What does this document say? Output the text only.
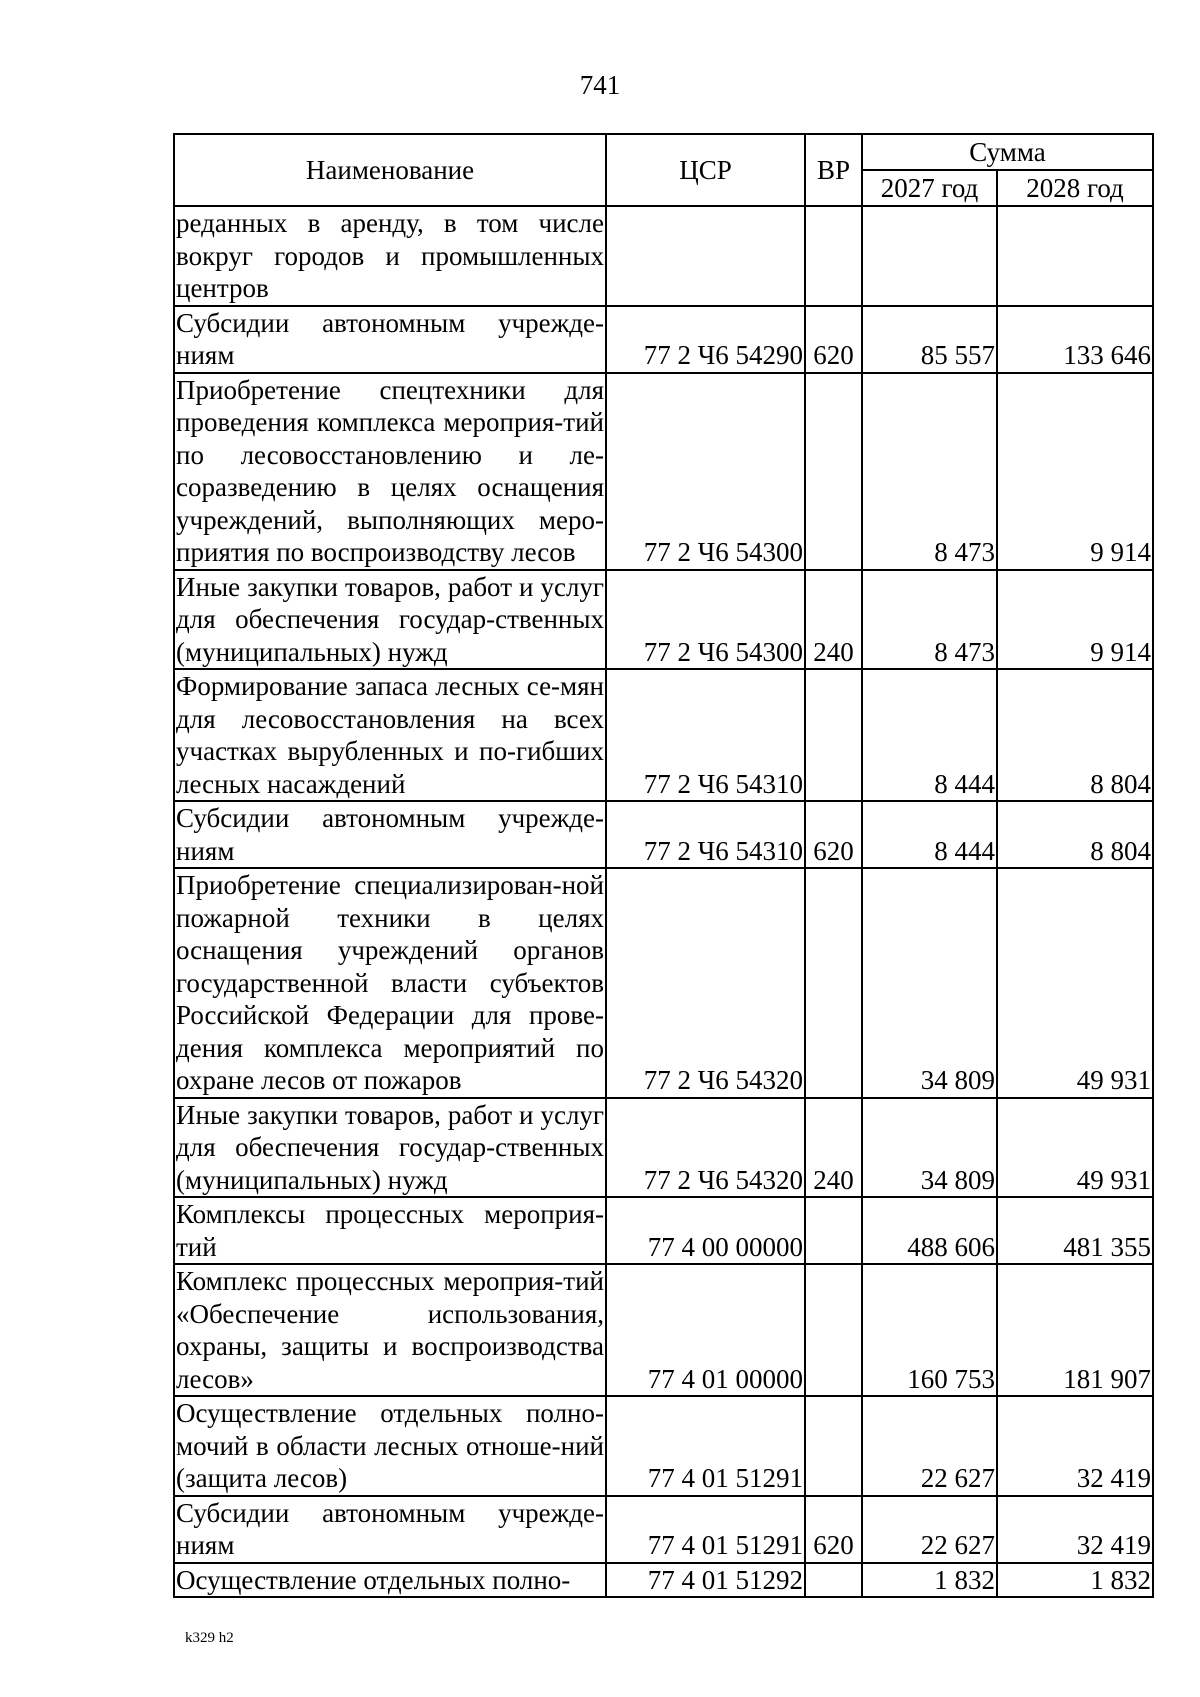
741
Наименование	ЦСР	ВР	Сумма	
			2027 год	2028 год
реданных в аренду, в том числе вокруг городов и промышленных центров				
Субсидии автономным учрежде-ниям	77 2 Ч6 54290	620	85 557	133 646
Приобретение спецтехники для проведения комплекса мероприя-тий по лесовосстановлению и ле-соразведению в целях оснащения учреждений, выполняющих меро-приятия по воспроизводству лесов	77 2 Ч6 54300		8 473	9 914
Иные закупки товаров, работ и услуг для обеспечения государ-ственных (муниципальных) нужд	77 2 Ч6 54300	240	8 473	9 914
Формирование запаса лесных се-мян для лесовосстановления на всех участках вырубленных и по-гибших лесных насаждений	77 2 Ч6 54310		8 444	8 804
Субсидии автономным учрежде-ниям	77 2 Ч6 54310	620	8 444	8 804
Приобретение специализирован-ной пожарной техники в целях оснащения учреждений органов государственной власти субъектов Российской Федерации для прове-дения комплекса мероприятий по охране лесов от пожаров	77 2 Ч6 54320		34 809	49 931
Иные закупки товаров, работ и услуг для обеспечения государ-ственных (муниципальных) нужд	77 2 Ч6 54320	240	34 809	49 931
Комплексы процессных мероприя-тий	77 4 00 00000		488 606	481 355
Комплекс процессных мероприя-тий «Обеспечение использования, охраны, защиты и воспроизводства лесов»	77 4 01 00000		160 753	181 907
Осуществление отдельных полно-мочий в области лесных отноше-ний (защита лесов)	77 4 01 51291		22 627	32 419
Субсидии автономным учрежде-ниям	77 4 01 51291	620	22 627	32 419
Осуществление отдельных полно-	77 4 01 51292		1 832	1 832
k329 h2
